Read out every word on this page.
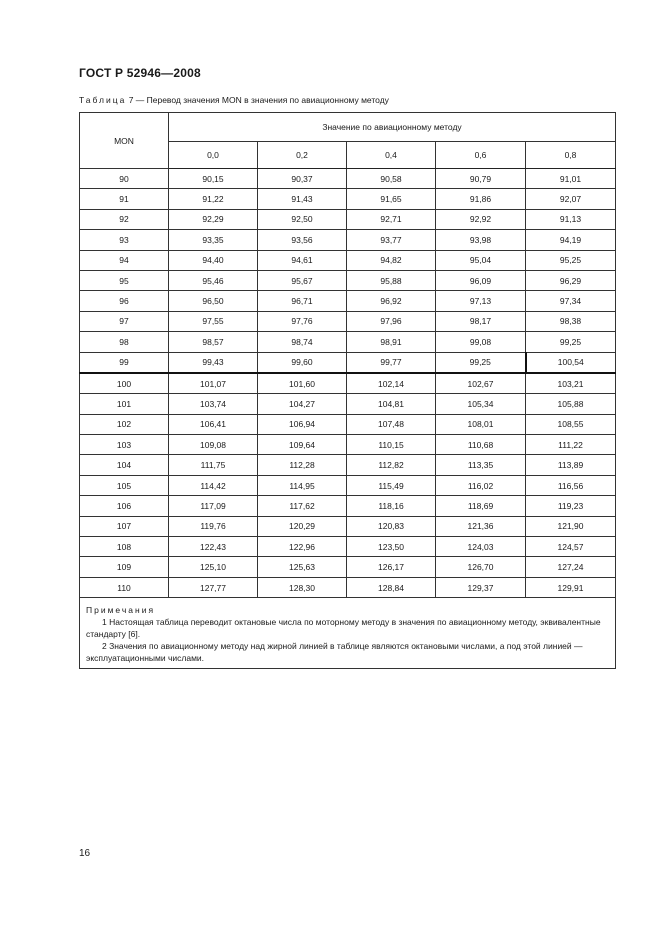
ГОСТ Р 52946—2008
Таблица 7 — Перевод значения MON в значения по авиационному методу
MON	Значение по авиационному методу				
	0,0	0,2	0,4	0,6	0,8
90	90,15	90,37	90,58	90,79	91,01
91	91,22	91,43	91,65	91,86	92,07
92	92,29	92,50	92,71	92,92	91,13
93	93,35	93,56	93,77	93,98	94,19
94	94,40	94,61	94,82	95,04	95,25
95	95,46	95,67	95,88	96,09	96,29
96	96,50	96,71	96,92	97,13	97,34
97	97,55	97,76	97,96	98,17	98,38
98	98,57	98,74	98,91	99,08	99,25
99	99,43	99,60	99,77	99,25	100,54
100	101,07	101,60	102,14	102,67	103,21
101	103,74	104,27	104,81	105,34	105,88
102	106,41	106,94	107,48	108,01	108,55
103	109,08	109,64	110,15	110,68	111,22
104	111,75	112,28	112,82	113,35	113,89
105	114,42	114,95	115,49	116,02	116,56
106	117,09	117,62	118,16	118,69	119,23
107	119,76	120,29	120,83	121,36	121,90
108	122,43	122,96	123,50	124,03	124,57
109	125,10	125,63	126,17	126,70	127,24
110	127,77	128,30	128,84	129,37	129,91

Примечания
1 Настоящая таблица переводит октановые числа по моторному методу в значения по авиационному методу, эквивалентные стандарту [6].
2 Значения по авиационному методу над жирной линией в таблице являются октановыми числами, а под этой линией — эксплуатационными числами.					
16
